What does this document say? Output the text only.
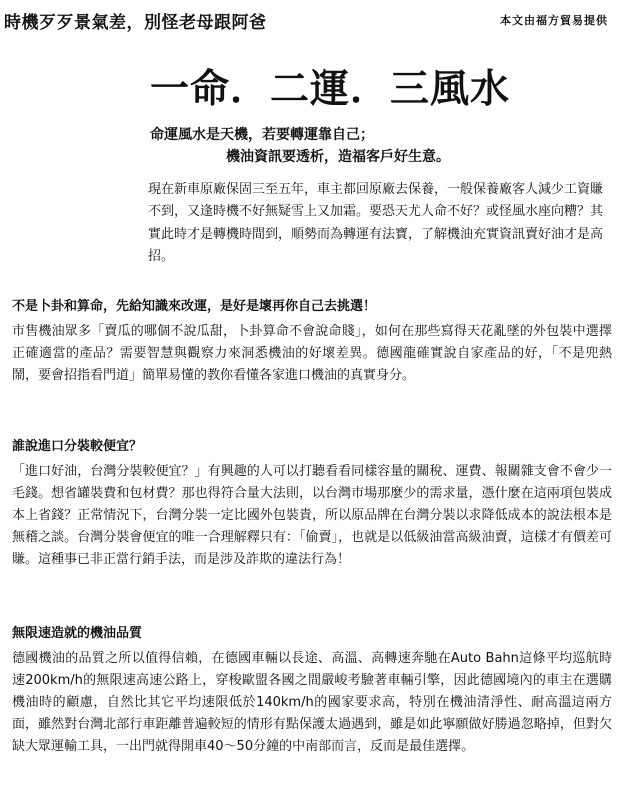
時機歹歹景氣差，別怪老母跟阿爸	本文由福方貿易提供
一命．二運．三風水
命運風水是天機，若要轉運靠自己；
機油資訊要透析，造福客戶好生意。

現在新車原廠保固三至五年，車主都回原廠去保養，一般保養廠客人減少工資賺不到，又逢時機不好無疑雪上又加霜。要恐天尤人命不好？或怪風水座向糟？其實此時才是轉機時間到，順勢而為轉運有法寶，了解機油充實資訊賣好油才是高招。

不是卜卦和算命，先給知識來改運，是好是壞再你自己去挑選！

市售機油眾多「賣瓜的哪個不說瓜甜，卜卦算命不會說命賤」，如何在那些寫得天花亂墜的外包裝中選擇正確適當的產品？需要智慧與觀察力來洞悉機油的好壞差異。德國龍確實說自家產品的好，「不是兜熱鬧，要會招指看門道」簡單易懂的教你看懂各家進口機油的真實身分。

誰說進口分裝較便宜？

「進口好油，台灣分裝較便宜？」有興趣的人可以打聽看看同樣容量的關稅、運費、報關雜支會不會少一毛錢。想省罐裝費和包材費？那也得符合量大法則，以台灣市場那麼少的需求量，憑什麼在這兩項包裝成本上省錢？正常情況下，台灣分裝一定比國外包裝貴，所以原品牌在台灣分裝以求降低成本的說法根本是無稽之談。台灣分裝會便宜的唯一合理解釋只有：「偷賣」，也就是以低級油當高級油賣，這樣才有價差可賺。這種事已非正當行銷手法，而是涉及詐欺的違法行為！

無限速造就的機油品質

德國機油的品質之所以值得信賴，在德國車輛以長途、高溫、高轉速奔馳在Auto Bahn這條平均巡航時速200km/h的無限速高速公路上，穿梭歐盟各國之間嚴峻考驗著車輛引擎，因此德國境內的車主在選購機油時的顧慮，自然比其它平均速限低於140km/h的國家要求高，特別在機油清淨性、耐高溫這兩方面，雖然對台灣北部行車距離普遍較短的情形有點保護太過遇到，雖是如此寧願做好勝過忽略掉，但對欠缺大眾運輸工具，一出門就得開車40～50分鐘的中南部而言，反而是最佳選擇。
